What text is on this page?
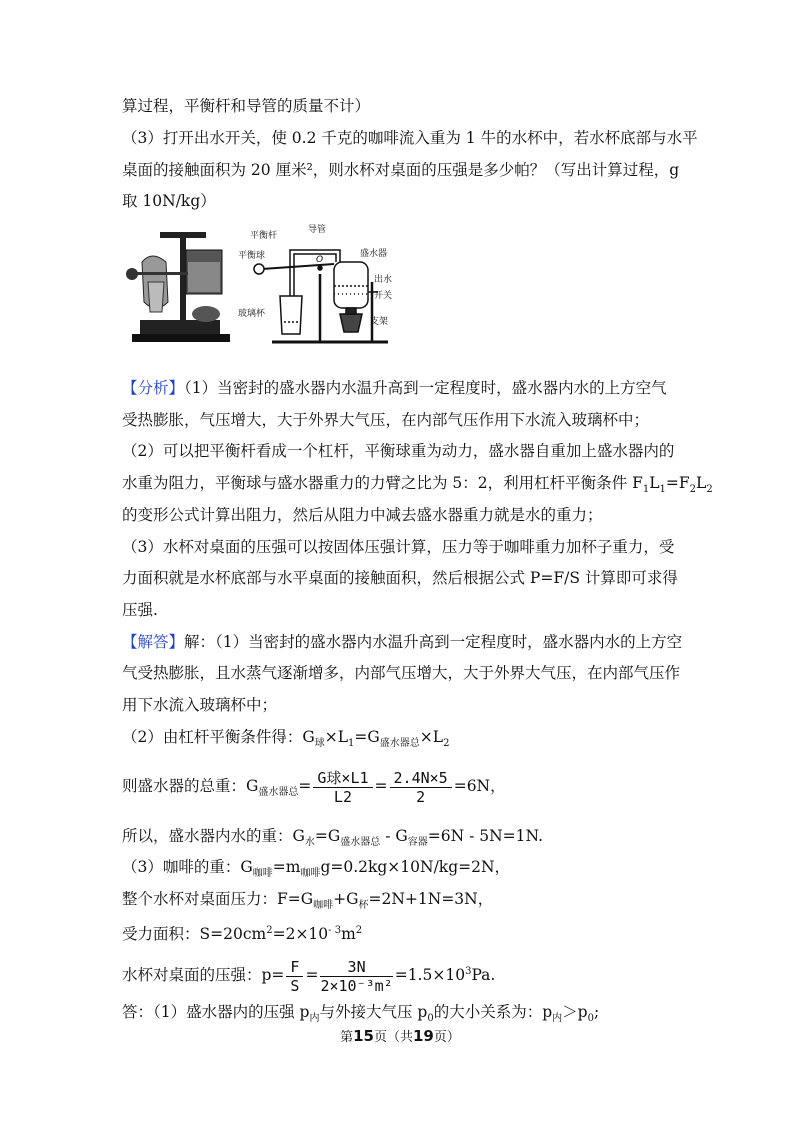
算过程，平衡杆和导管的质量不计）
（3）打开出水开关，使 0.2 千克的咖啡流入重为 1 牛的水杯中，若水杯底部与水平
桌面的接触面积为 20 厘米²，则水杯对桌面的压强是多少帕？（写出计算过程，g
取 10N/kg）
平衡杆
导管
平衡球	O
盛水器
出水
开关
玻璃杯
支架
【分析】（1）当密封的盛水器内水温升高到一定程度时，盛水器内水的上方空气
受热膨胀，气压增大，大于外界大气压，在内部气压作用下水流入玻璃杯中；
（2）可以把平衡杆看成一个杠杆，平衡球重为动力，盛水器自重加上盛水器内的
水重为阻力，平衡球与盛水器重力的力臂之比为 5：2，利用杠杆平衡条件 $F_1L_1=F_2L_2$
的变形公式计算出阻力，然后从阻力中减去盛水器重力就是水的重力；
（3）水杯对桌面的压强可以按固体压强计算，压力等于咖啡重力加杯子重力，受
力面积就是水杯底部与水平桌面的接触面积，然后根据公式 P=F/S 计算即可求得
压强.
【解答】解：（1）当密封的盛水器内水温升高到一定程度时，盛水器内水的上方空
气受热膨胀，且水蒸气逐渐增多，内部气压增大，大于外界大气压，在内部气压作
用下水流入玻璃杯中；
（2）由杠杆平衡条件得：$G_球\times L_1=G_{盛水器总}\times L_2$
则盛水器的总重：$G_{盛水器总}= \frac{\text{G球×L1}}{L2} = \frac{2.4N\times 5}{2} =6N$，
所以，盛水器内水的重：$G_水=G_{盛水器总} - G_{容器}=6N - 5N=1N$.
（3）咖啡的重：$G_{咖啡}=m_{咖啡}g=0.2kg\times 10N/kg=2N$，
整个水杯对桌面压力：$F=G_{咖啡}+G_杯=2N+1N=3N$，
受力面积：$S=20cm^2=2\times 10^{- 3}m^2$
水杯对桌面的压强：$p= \frac{F}{S} = \frac{3N}{\text{2×10⁻³m²}} =1.5\times 10^3Pa$.
答：（1）盛水器内的压强 $p_内$与外接大气压 $p_0$的大小关系为：$p_内>p_0$;
第15页（共19页）
